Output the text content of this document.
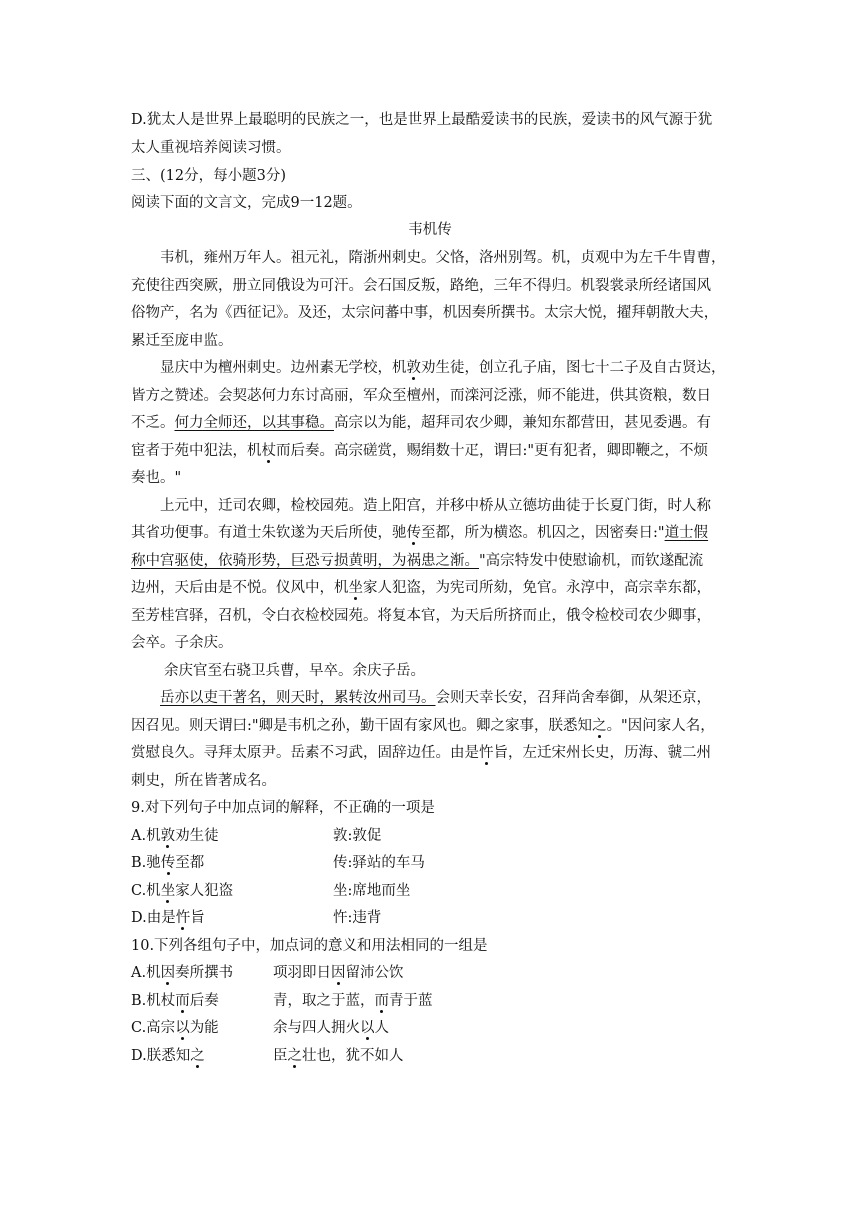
D.犹太人是世界上最聪明的民族之一，也是世界上最酷爱读书的民族，爱读书的风气源于犹

太人重视培养阅读习惯。

三、(12分，每小题3分)

阅读下面的文言文，完成9一12题。

韦机传

韦机，雍州万年人。祖元礼，隋浙州刺史。父恪，洛州别驾。机，贞观中为左千牛胄曹，

充使往西突厥，册立同俄设为可汗。会石国反叛，路绝，三年不得归。机裂裳录所经诸国风

俗物产，名为《西征记》。及还，太宗问蕃中事，机因奏所撰书。太宗大悦，擢拜朝散大夫，

累迁至庞申监。

显庆中为檀州刺史。边州素无学校，机敦劝生徒，创立孔子庙，图七十二子及自古贤达，

皆方之赞述。会契苾何力东讨高丽，军众至檀州，而滦河泛涨，师不能进，供其资粮，数日

不乏。何力全师还，以其事稳。高宗以为能，超拜司农少卿，兼知东都营田，甚见委遇。有

宦者于苑中犯法，机杖而后奏。高宗磋赏，赐绢数十疋，谓曰:"更有犯者，卿即鞭之，不烦

奏也。"

上元中，迁司农卿，检校园苑。造上阳宫，并移中桥从立德坊曲徒于长夏门街，时人称

其省功便事。有道士朱钦遂为天后所使，驰传至都，所为横恣。机囚之，因密奏日:"道士假

称中宫驱使，依骑形势，巨恐亏损黄明，为祸患之渐。"高宗特发中使慰谕机，而钦遂配流

边州，天后由是不悦。仪风中，机坐家人犯盗，为宪司所劾，免官。永淳中，高宗幸东都，

至芳桂宫驿，召机，令白衣检校园苑。将复本官，为天后所挤而止，俄令检校司农少卿事，

会卒。子余庆。

余庆官至右骁卫兵曹，早卒。余庆子岳。

岳亦以吏干著名，则天时，累转汝州司马。会则天幸长安，召拜尚舍奉御，从架还京，

因召见。则天谓曰:"卿是韦机之孙，勤干固有家风也。卿之家事，朕悉知之。"因问家人名，

赏慰良久。寻拜太原尹。岳素不习武，固辞边任。由是忤旨，左迁宋州长史，历海、虢二州

刺史，所在皆著成名。

9.对下列句子中加点词的解释，不正确的一项是

A.机敦劝生徒	敦:敦促

B.驰传至都	传:驿站的车马

C.机坐家人犯盗	坐:席地而坐

D.由是忤旨	忤:违背

10.下列各组句子中，加点词的意义和用法相同的一组是

A.机因奏所撰书	项羽即日因留沛公饮

B.机杖而后奏	青，取之于蓝，而青于蓝

C.高宗以为能	余与四人拥火以人

D.朕悉知之	臣之壮也，犹不如人
